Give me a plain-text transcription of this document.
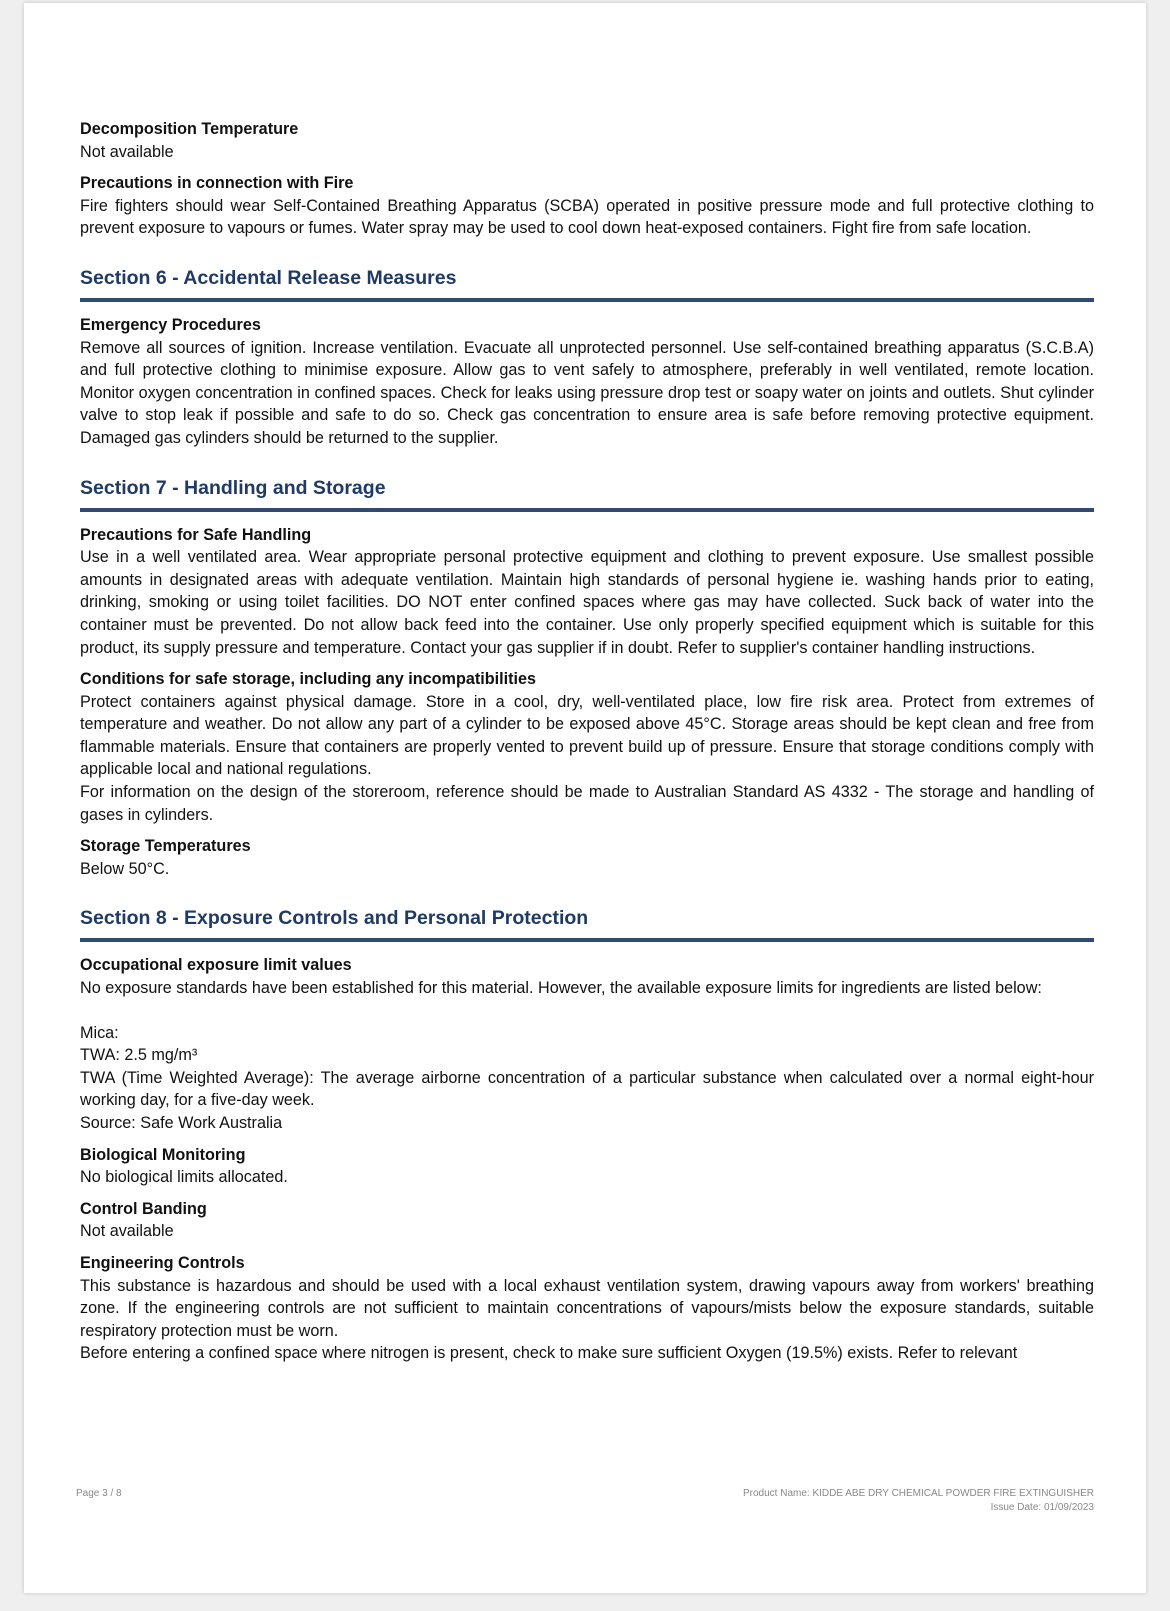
Decomposition Temperature
Not available
Precautions in connection with Fire
Fire fighters should wear Self-Contained Breathing Apparatus (SCBA) operated in positive pressure mode and full protective clothing to prevent exposure to vapours or fumes. Water spray may be used to cool down heat-exposed containers. Fight fire from safe location.
Section 6 - Accidental Release Measures
Emergency Procedures
Remove all sources of ignition. Increase ventilation. Evacuate all unprotected personnel. Use self-contained breathing apparatus (S.C.B.A) and full protective clothing to minimise exposure. Allow gas to vent safely to atmosphere, preferably in well ventilated, remote location. Monitor oxygen concentration in confined spaces. Check for leaks using pressure drop test or soapy water on joints and outlets. Shut cylinder valve to stop leak if possible and safe to do so. Check gas concentration to ensure area is safe before removing protective equipment. Damaged gas cylinders should be returned to the supplier.
Section 7 - Handling and Storage
Precautions for Safe Handling
Use in a well ventilated area. Wear appropriate personal protective equipment and clothing to prevent exposure. Use smallest possible amounts in designated areas with adequate ventilation. Maintain high standards of personal hygiene ie. washing hands prior to eating, drinking, smoking or using toilet facilities. DO NOT enter confined spaces where gas may have collected. Suck back of water into the container must be prevented. Do not allow back feed into the container. Use only properly specified equipment which is suitable for this product, its supply pressure and temperature. Contact your gas supplier if in doubt. Refer to supplier's container handling instructions.
Conditions for safe storage, including any incompatibilities
Protect containers against physical damage. Store in a cool, dry, well-ventilated place, low fire risk area. Protect from extremes of temperature and weather. Do not allow any part of a cylinder to be exposed above 45°C. Storage areas should be kept clean and free from flammable materials. Ensure that containers are properly vented to prevent build up of pressure. Ensure that storage conditions comply with applicable local and national regulations.
For information on the design of the storeroom, reference should be made to Australian Standard AS 4332 - The storage and handling of gases in cylinders.
Storage Temperatures
Below 50°C.
Section 8 - Exposure Controls and Personal Protection
Occupational exposure limit values
No exposure standards have been established for this material. However, the available exposure limits for ingredients are listed below:
Mica:
TWA: 2.5 mg/m³
TWA (Time Weighted Average): The average airborne concentration of a particular substance when calculated over a normal eight-hour working day, for a five-day week.
Source: Safe Work Australia
Biological Monitoring
No biological limits allocated.
Control Banding
Not available
Engineering Controls
This substance is hazardous and should be used with a local exhaust ventilation system, drawing vapours away from workers' breathing zone. If the engineering controls are not sufficient to maintain concentrations of vapours/mists below the exposure standards, suitable respiratory protection must be worn.
Before entering a confined space where nitrogen is present, check to make sure sufficient Oxygen (19.5%) exists. Refer to relevant
Page 3 / 8	Product Name: KIDDE ABE DRY CHEMICAL POWDER FIRE EXTINGUISHER
Issue Date: 01/09/2023
